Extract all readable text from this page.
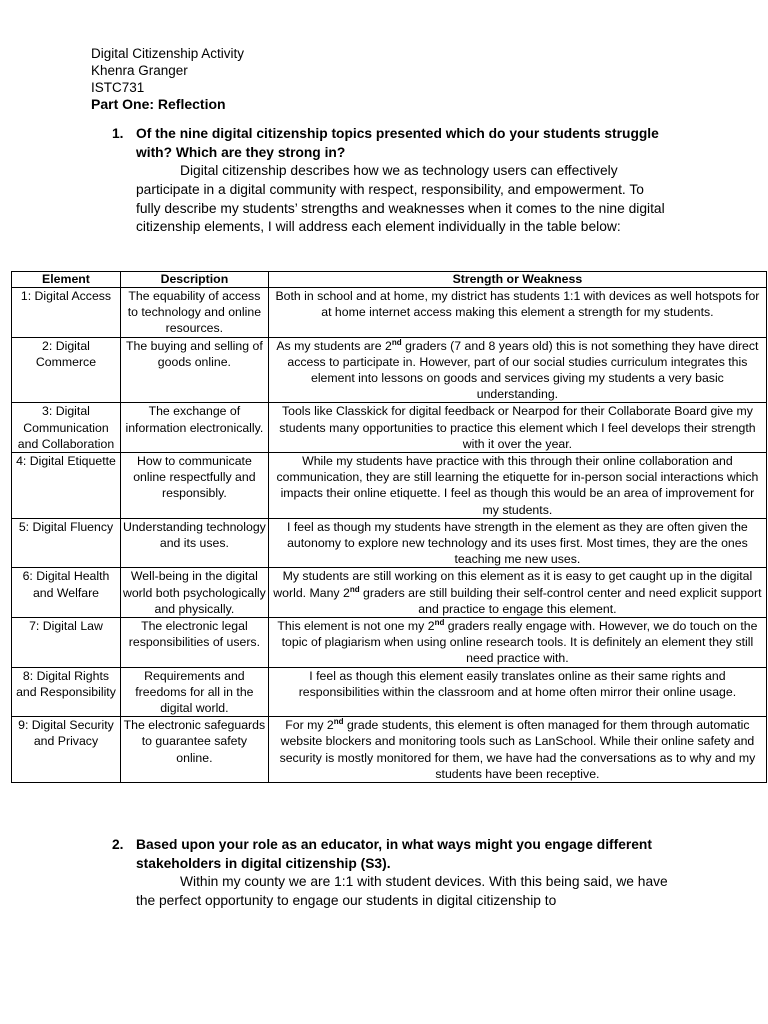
Digital Citizenship Activity
Khenra Granger
ISTC731
Part One: Reflection
1. Of the nine digital citizenship topics presented which do your students struggle with? Which are they strong in?
Digital citizenship describes how we as technology users can effectively participate in a digital community with respect, responsibility, and empowerment. To fully describe my students’ strengths and weaknesses when it comes to the nine digital citizenship elements, I will address each element individually in the table below:
Element	Description	Strength or Weakness
1: Digital Access	The equability of access to technology and online resources.	Both in school and at home, my district has students 1:1 with devices as well hotspots for at home internet access making this element a strength for my students.
2: Digital Commerce	The buying and selling of goods online.	As my students are 2nd graders (7 and 8 years old) this is not something they have direct access to participate in. However, part of our social studies curriculum integrates this element into lessons on goods and services giving my students a very basic understanding.
3: Digital Communication and Collaboration	The exchange of information electronically.	Tools like Classkick for digital feedback or Nearpod for their Collaborate Board give my students many opportunities to practice this element which I feel develops their strength with it over the year.
4: Digital Etiquette	How to communicate online respectfully and responsibly.	While my students have practice with this through their online collaboration and communication, they are still learning the etiquette for in-person social interactions which impacts their online etiquette. I feel as though this would be an area of improvement for my students.
5: Digital Fluency	Understanding technology and its uses.	I feel as though my students have strength in the element as they are often given the autonomy to explore new technology and its uses first. Most times, they are the ones teaching me new uses.
6: Digital Health and Welfare	Well-being in the digital world both psychologically and physically.	My students are still working on this element as it is easy to get caught up in the digital world. Many 2nd graders are still building their self-control center and need explicit support and practice to engage this element.
7: Digital Law	The electronic legal responsibilities of users.	This element is not one my 2nd graders really engage with. However, we do touch on the topic of plagiarism when using online research tools. It is definitely an element they still need practice with.
8: Digital Rights and Responsibility	Requirements and freedoms for all in the digital world.	I feel as though this element easily translates online as their same rights and responsibilities within the classroom and at home often mirror their online usage.
9: Digital Security and Privacy	The electronic safeguards to guarantee safety online.	For my 2nd grade students, this element is often managed for them through automatic website blockers and monitoring tools such as LanSchool. While their online safety and security is mostly monitored for them, we have had the conversations as to why and my students have been receptive.
2. Based upon your role as an educator, in what ways might you engage different stakeholders in digital citizenship (S3).
Within my county we are 1:1 with student devices. With this being said, we have the perfect opportunity to engage our students in digital citizenship to
